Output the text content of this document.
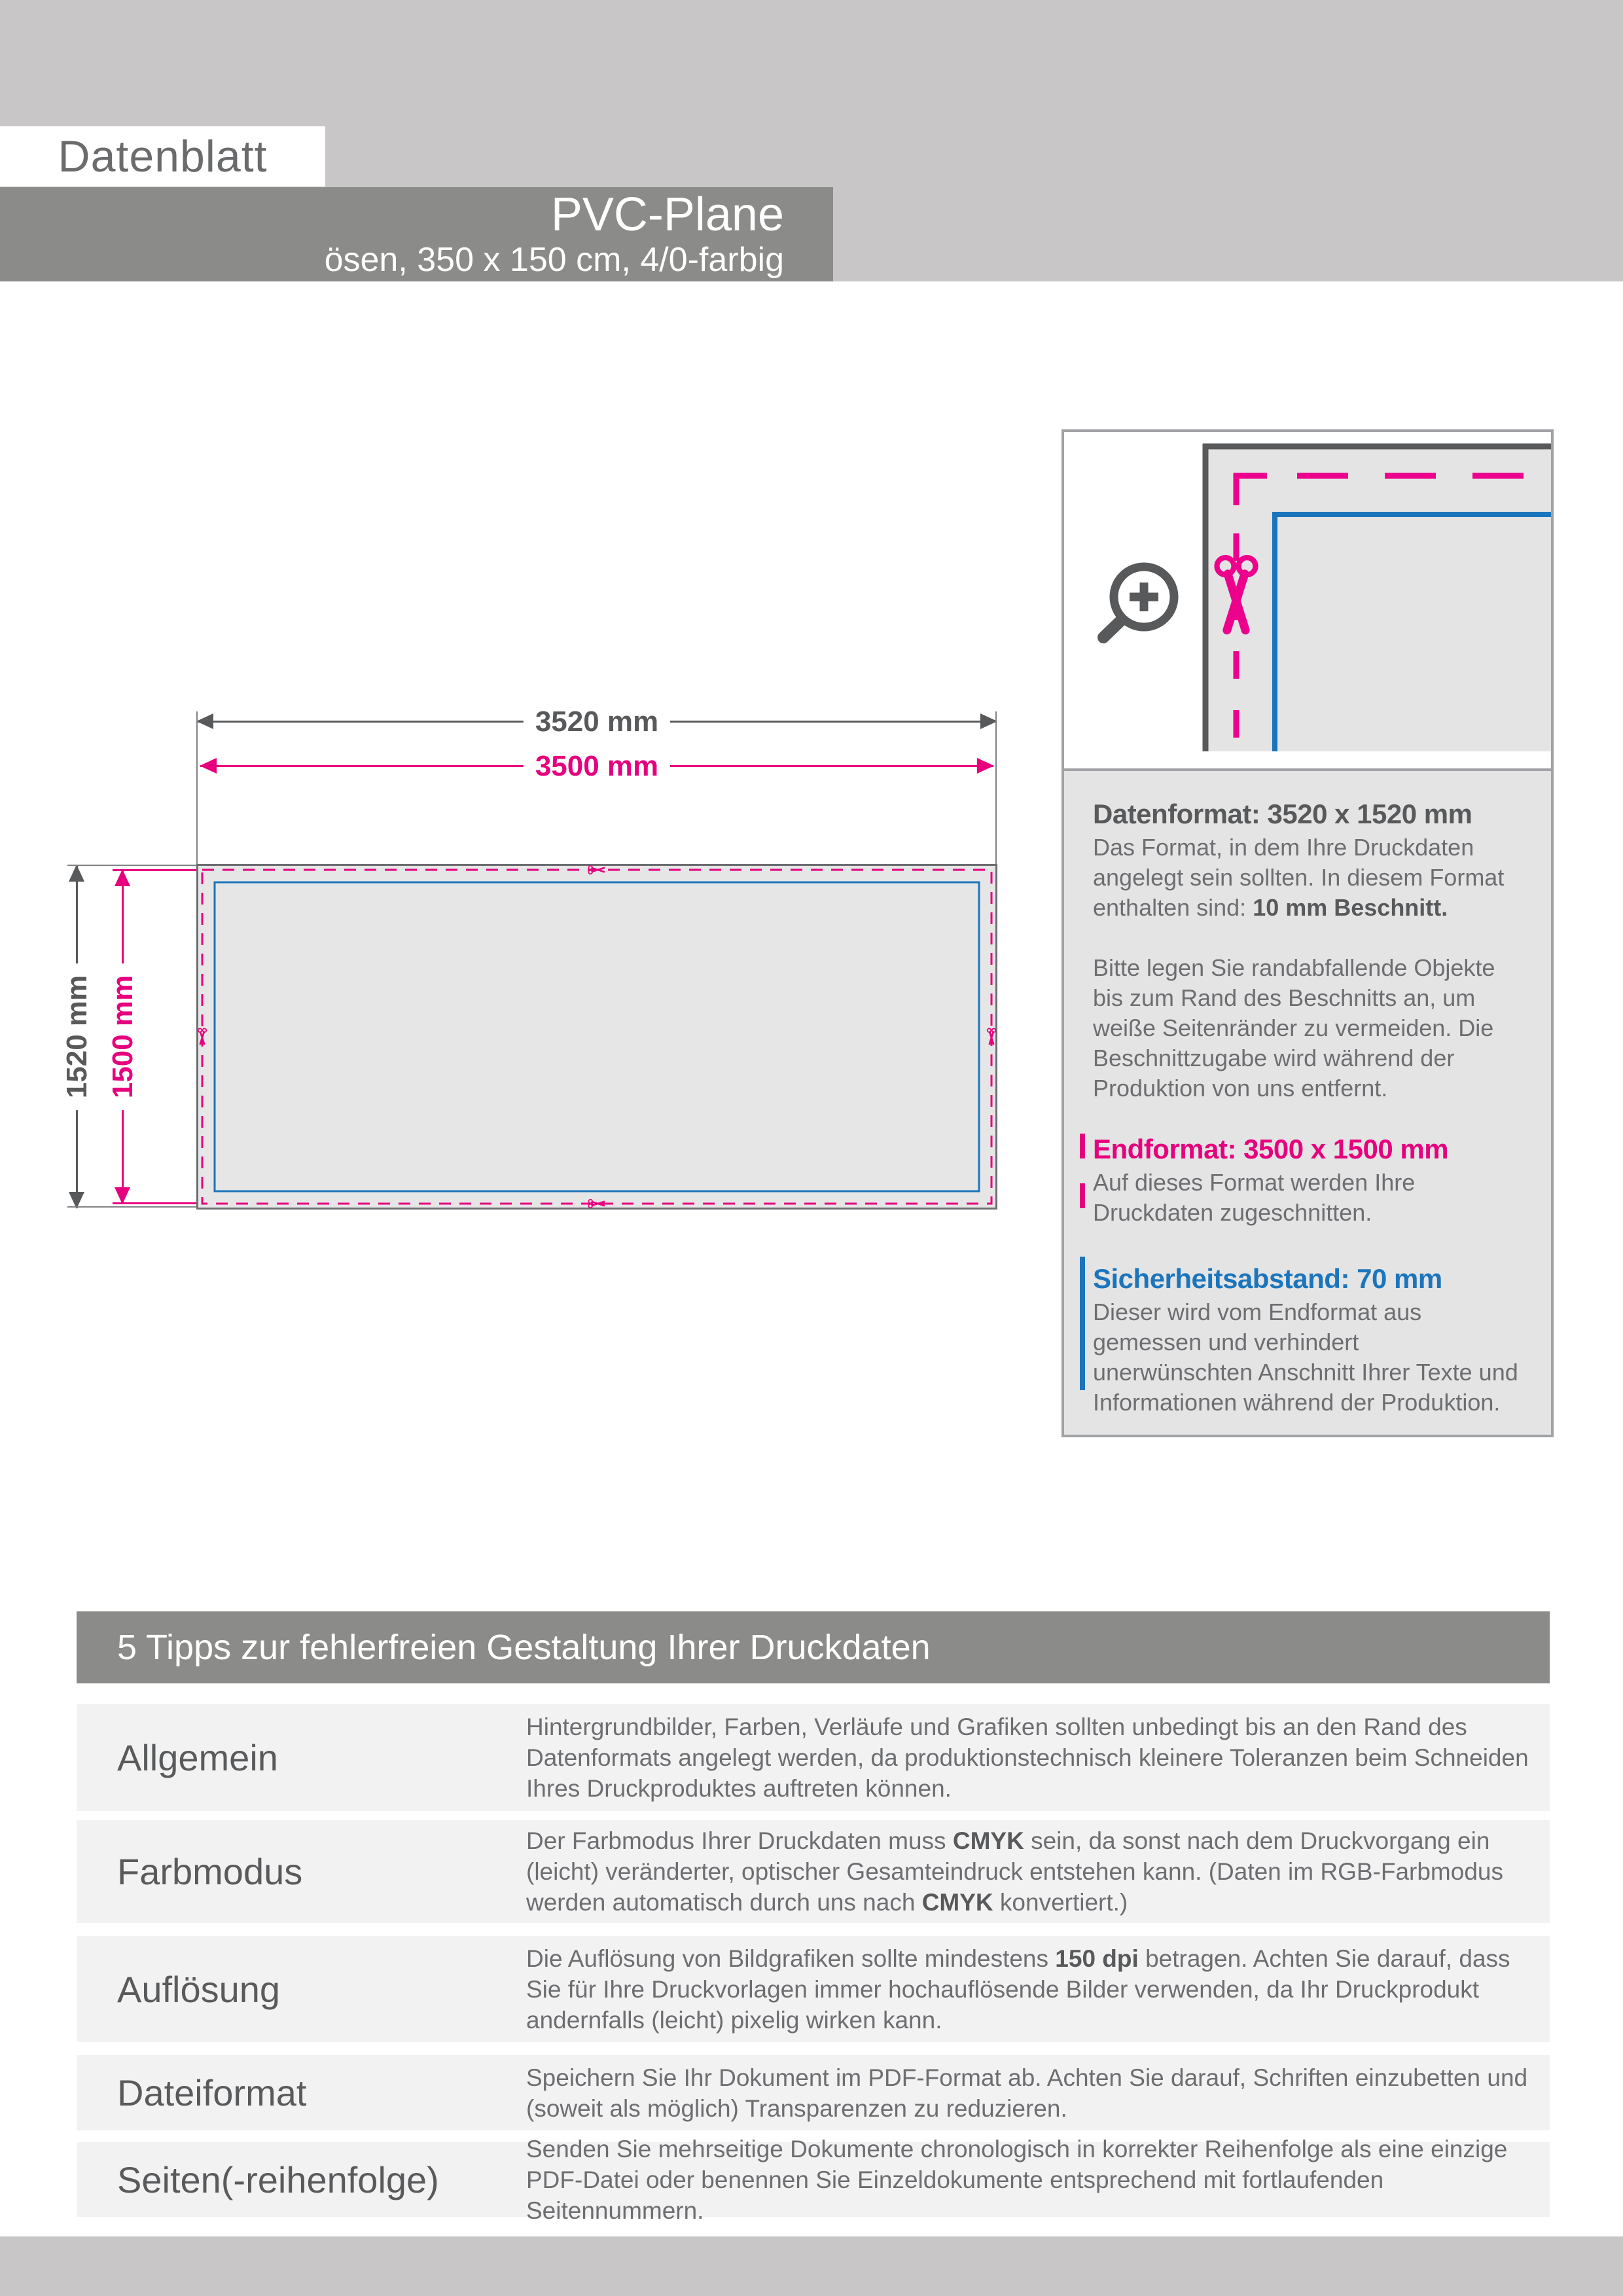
Datenblatt
PVC-Plane
ösen, 350 x 150 cm, 4/0-farbig
3520 mm
3500 mm
1520 mm 1500 mm
Datenformat: 3520 x 1520 mm

Das Format, in dem Ihre Druckdaten angelegt sein sollten. In diesem Format enthalten sind: 10 mm Beschnitt.

Bitte legen Sie randabfallende Objekte bis zum Rand des Beschnitts an, um weiße Seitenränder zu vermeiden. Die Beschnittzugabe wird während der Produktion von uns entfernt.

Endformat: 3500 x 1500 mm

Auf dieses Format werden Ihre Druckdaten zugeschnitten.

Sicherheitsabstand: 70 mm

Dieser wird vom Endformat aus gemessen und verhindert unerwünschten Anschnitt Ihrer Texte und Informationen während der Produktion.

5 Tipps zur fehlerfreien Gestaltung Ihrer Druckdaten
Allgemein
Hintergrundbilder, Farben, Verläufe und Grafiken sollten unbedingt bis an den Rand des Datenformats angelegt werden, da produktionstechnisch kleinere Toleranzen beim Schneiden Ihres Druckproduktes auftreten können.
Farbmodus
Der Farbmodus Ihrer Druckdaten muss CMYK sein, da sonst nach dem Druckvorgang ein (leicht) veränderter, optischer Gesamteindruck entstehen kann. (Daten im RGB-Farbmodus werden automatisch durch uns nach CMYK konvertiert.)
Auflösung
Die Auflösung von Bildgrafiken sollte mindestens 150 dpi betragen. Achten Sie darauf, dass Sie für Ihre Druckvorlagen immer hochauflösende Bilder verwenden, da Ihr Druckprodukt andernfalls (leicht) pixelig wirken kann.
Dateiformat	Speichern Sie Ihr Dokument im PDF-Format ab. Achten Sie darauf, Schriften einzubetten und (soweit als möglich) Transparenzen zu reduzieren.
Seiten(-reihenfolge)
Senden Sie mehrseitige Dokumente chronologisch in korrekter Reihenfolge als eine einzige PDF-Datei oder benennen Sie Einzeldokumente entsprechend mit fortlaufenden Seitennummern.
